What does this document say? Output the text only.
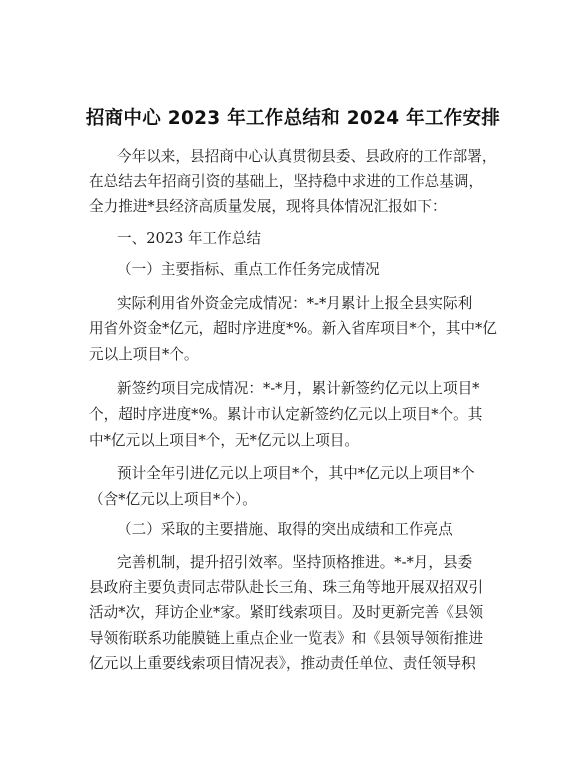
招商中心 2023 年工作总结和 2024 年工作安排
今年以来，县招商中心认真贯彻县委、县政府的工作部署，
在总结去年招商引资的基础上，坚持稳中求进的工作总基调，
全力推进*县经济高质量发展，现将具体情况汇报如下：
一、2023 年工作总结
（一）主要指标、重点工作任务完成情况
实际利用省外资金完成情况：*-*月累计上报全县实际利
用省外资金*亿元，超时序进度*%。新入省库项目*个，其中*亿
元以上项目*个。
新签约项目完成情况：*-*月，累计新签约亿元以上项目*
个，超时序进度*%。累计市认定新签约亿元以上项目*个。其
中*亿元以上项目*个，无*亿元以上项目。
预计全年引进亿元以上项目*个，其中*亿元以上项目*个
（含*亿元以上项目*个）。
（二）采取的主要措施、取得的突出成绩和工作亮点
完善机制，提升招引效率。坚持顶格推进。*-*月，县委
县政府主要负责同志带队赴长三角、珠三角等地开展双招双引
活动*次，拜访企业*家。紧盯线索项目。及时更新完善《县领
导领衔联系功能膜链上重点企业一览表》和《县领导领衔推进
亿元以上重要线索项目情况表》，推动责任单位、责任领导积
